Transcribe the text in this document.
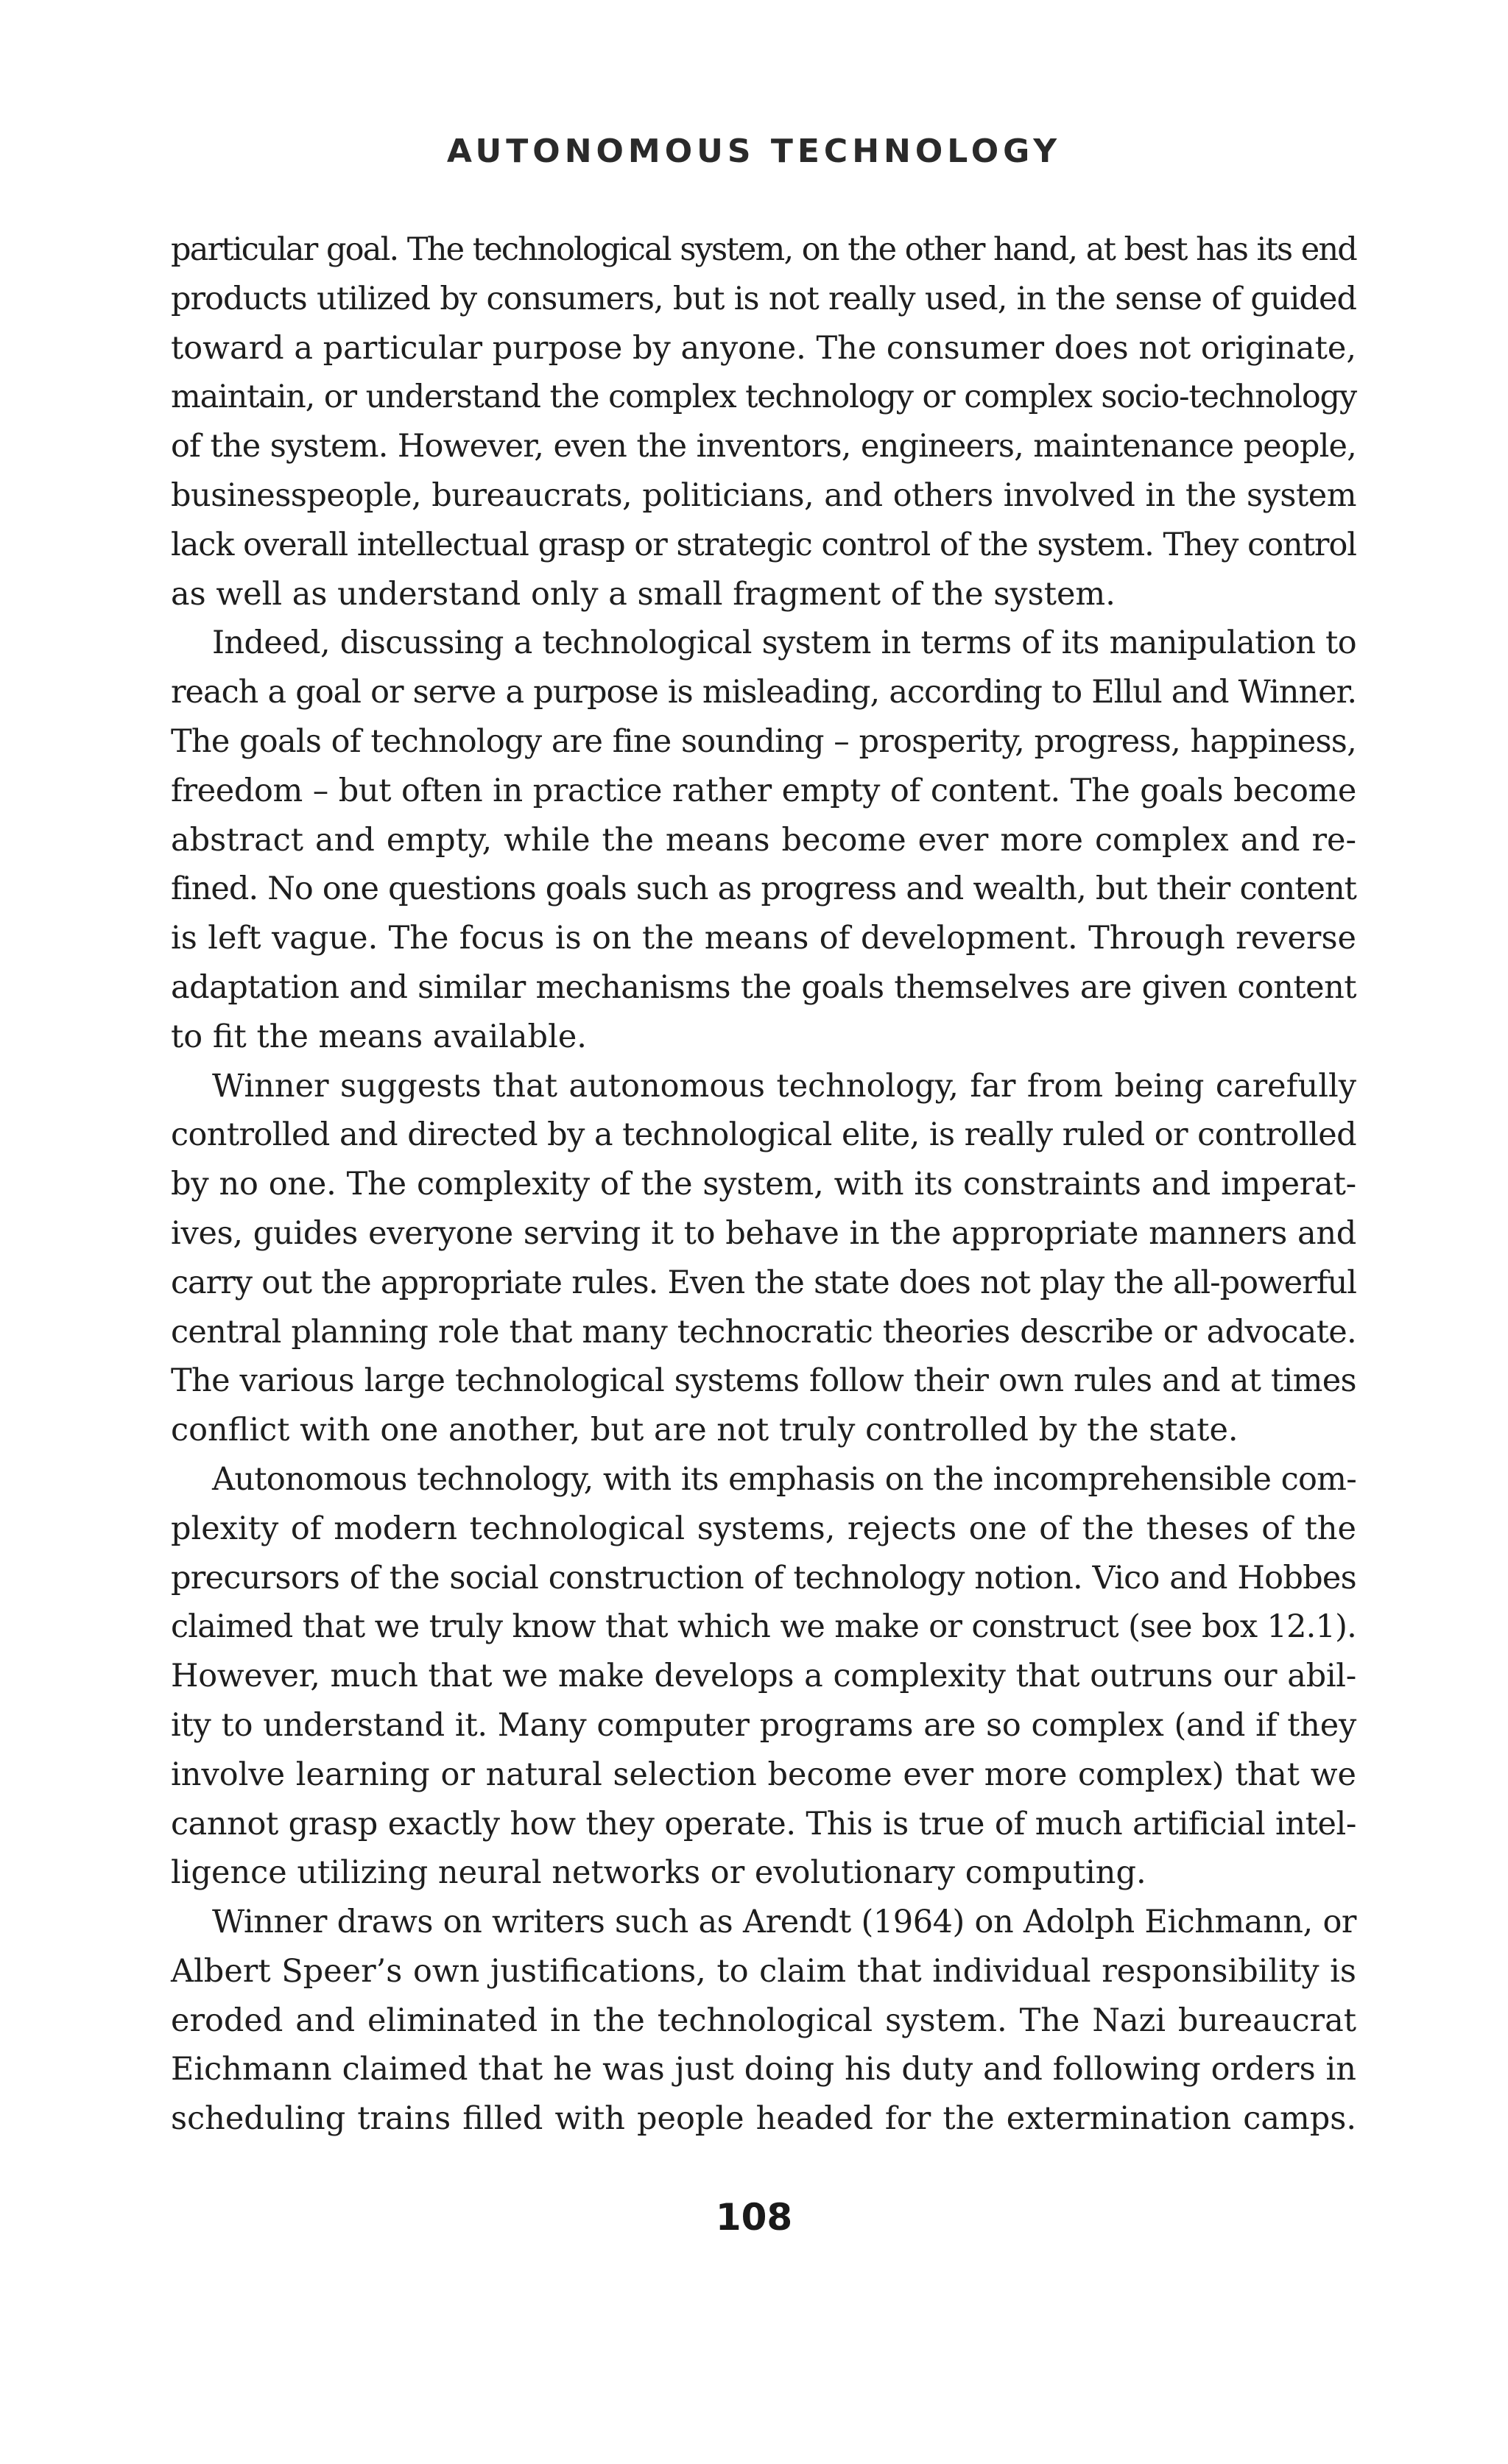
AUTONOMOUS TECHNOLOGY
particular goal. The technological system, on the other hand, at best has its end
products utilized by consumers, but is not really used, in the sense of guided
toward a particular purpose by anyone. The consumer does not originate,
maintain, or understand the complex technology or complex socio-technology
of the system. However, even the inventors, engineers, maintenance people,
businesspeople, bureaucrats, politicians, and others involved in the system
lack overall intellectual grasp or strategic control of the system. They control
as well as understand only a small fragment of the system.
Indeed, discussing a technological system in terms of its manipulation to
reach a goal or serve a purpose is misleading, according to Ellul and Winner.
The goals of technology are fine sounding – prosperity, progress, happiness,
freedom – but often in practice rather empty of content. The goals become
abstract and empty, while the means become ever more complex and re-
fined. No one questions goals such as progress and wealth, but their content
is left vague. The focus is on the means of development. Through reverse
adaptation and similar mechanisms the goals themselves are given content
to fit the means available.
Winner suggests that autonomous technology, far from being carefully
controlled and directed by a technological elite, is really ruled or controlled
by no one. The complexity of the system, with its constraints and imperat-
ives, guides everyone serving it to behave in the appropriate manners and
carry out the appropriate rules. Even the state does not play the all-powerful
central planning role that many technocratic theories describe or advocate.
The various large technological systems follow their own rules and at times
conflict with one another, but are not truly controlled by the state.
Autonomous technology, with its emphasis on the incomprehensible com-
plexity of modern technological systems, rejects one of the theses of the
precursors of the social construction of technology notion. Vico and Hobbes
claimed that we truly know that which we make or construct (see box 12.1).
However, much that we make develops a complexity that outruns our abil-
ity to understand it. Many computer programs are so complex (and if they
involve learning or natural selection become ever more complex) that we
cannot grasp exactly how they operate. This is true of much artificial intel-
ligence utilizing neural networks or evolutionary computing.
Winner draws on writers such as Arendt (1964) on Adolph Eichmann, or
Albert Speer’s own justifications, to claim that individual responsibility is
eroded and eliminated in the technological system. The Nazi bureaucrat
Eichmann claimed that he was just doing his duty and following orders in
scheduling trains filled with people headed for the extermination camps.
108
